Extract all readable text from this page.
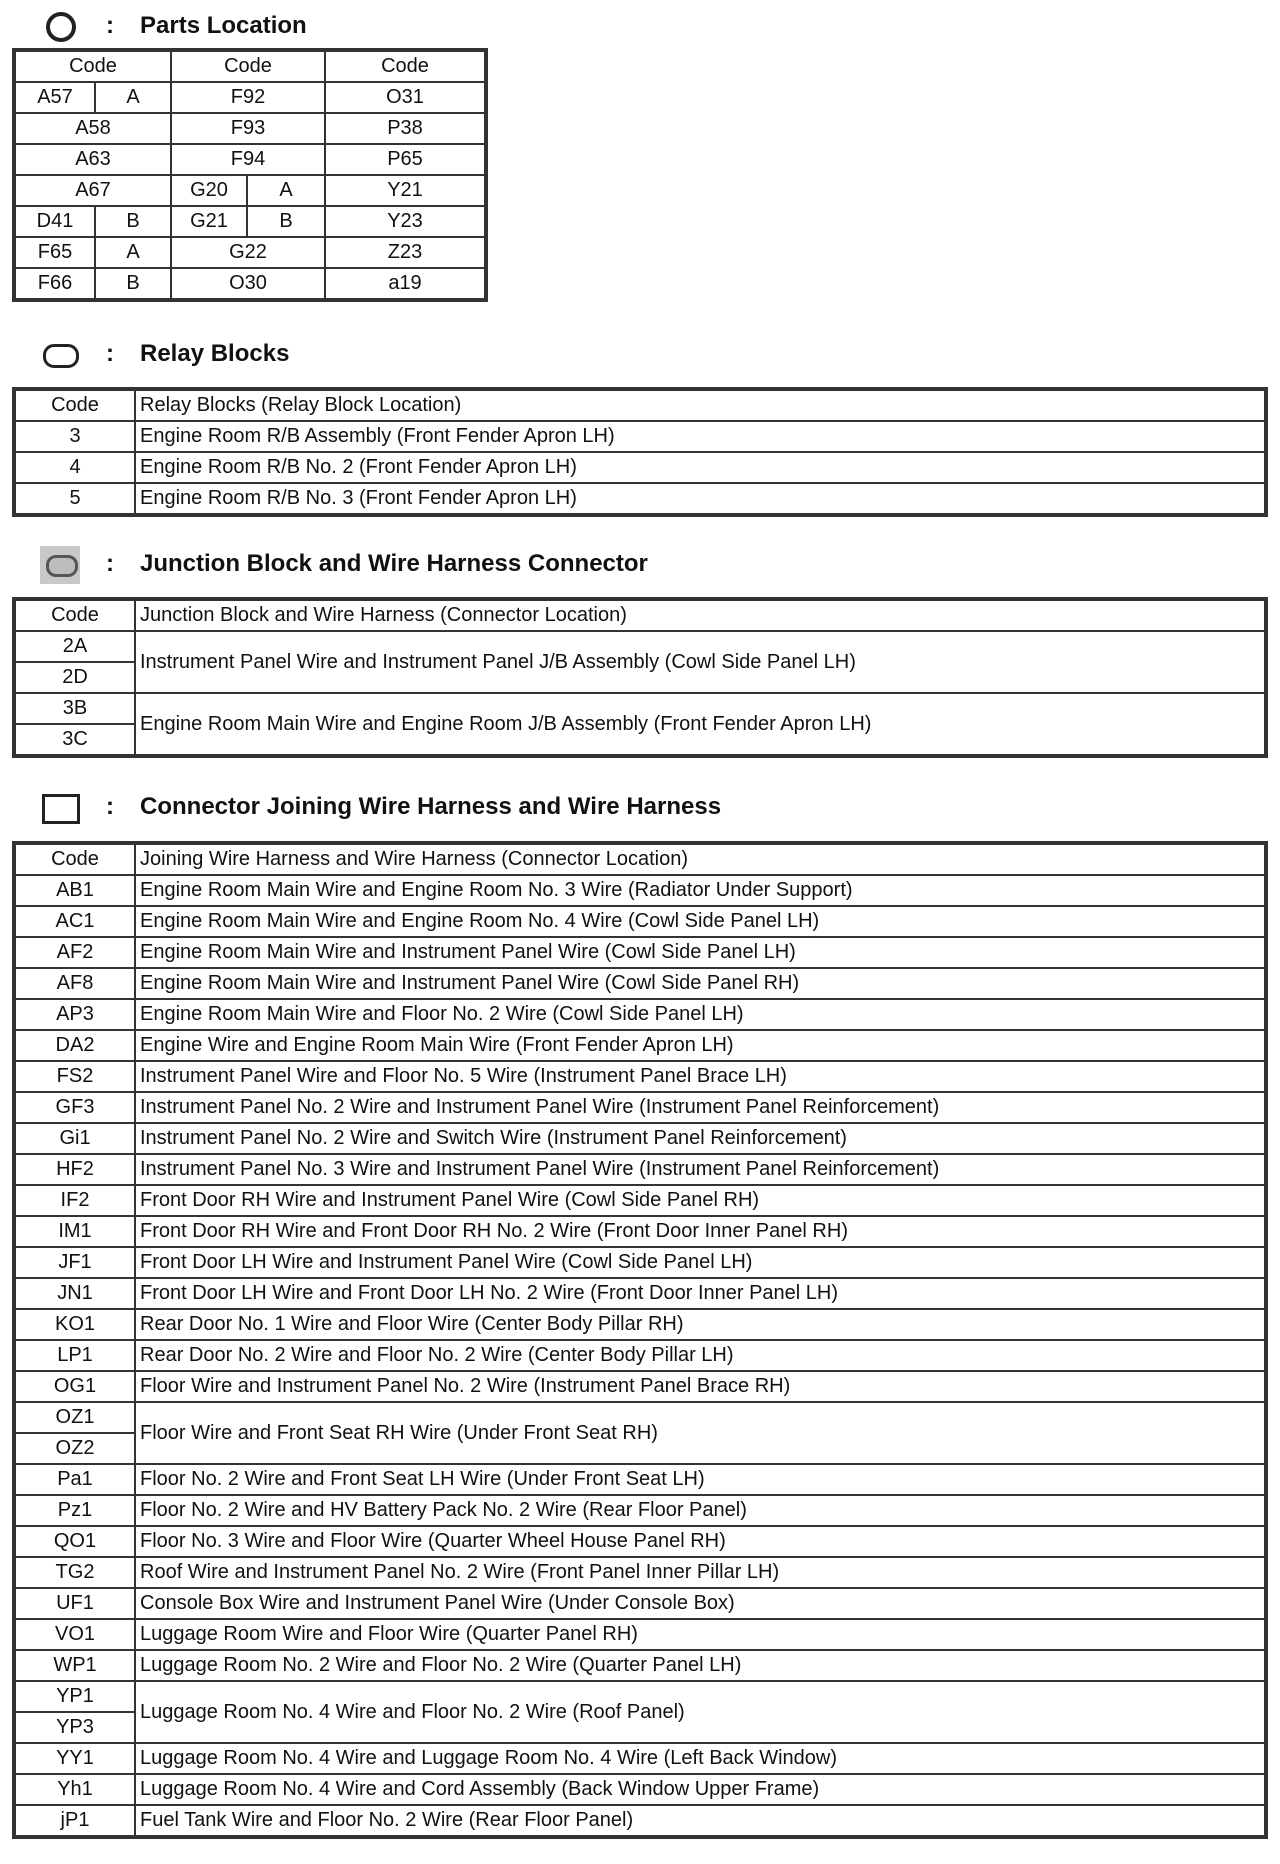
:	Parts Location
Code		Code		Code
A57	A	F92		O31
A58		F93		P38
A63		F94		P65
A67		G20	A	Y21
D41	B	G21	B	Y23
F65	A	G22		Z23
F66	B	O30		a19
:	Relay Blocks
Code	Relay Blocks (Relay Block Location)
3	Engine Room R/B Assembly (Front Fender Apron LH)
4	Engine Room R/B No. 2 (Front Fender Apron LH)
5	Engine Room R/B No. 3 (Front Fender Apron LH)
:	Junction Block and Wire Harness Connector
Code	Junction Block and Wire Harness (Connector Location)
2A	Instrument Panel Wire and Instrument Panel J/B Assembly (Cowl Side Panel LH)
2D	
3B	Engine Room Main Wire and Engine Room J/B Assembly (Front Fender Apron LH)
3C	
:	Connector Joining Wire Harness and Wire Harness
Code	Joining Wire Harness and Wire Harness (Connector Location)
AB1	Engine Room Main Wire and Engine Room No. 3 Wire (Radiator Under Support)
AC1	Engine Room Main Wire and Engine Room No. 4 Wire (Cowl Side Panel LH)
AF2	Engine Room Main Wire and Instrument Panel Wire (Cowl Side Panel LH)
AF8	Engine Room Main Wire and Instrument Panel Wire (Cowl Side Panel RH)
AP3	Engine Room Main Wire and Floor No. 2 Wire (Cowl Side Panel LH)
DA2	Engine Wire and Engine Room Main Wire (Front Fender Apron LH)
FS2	Instrument Panel Wire and Floor No. 5 Wire (Instrument Panel Brace LH)
GF3	Instrument Panel No. 2 Wire and Instrument Panel Wire (Instrument Panel Reinforcement)
Gi1	Instrument Panel No. 2 Wire and Switch Wire (Instrument Panel Reinforcement)
HF2	Instrument Panel No. 3 Wire and Instrument Panel Wire (Instrument Panel Reinforcement)
IF2	Front Door RH Wire and Instrument Panel Wire (Cowl Side Panel RH)
IM1	Front Door RH Wire and Front Door RH No. 2 Wire (Front Door Inner Panel RH)
JF1	Front Door LH Wire and Instrument Panel Wire (Cowl Side Panel LH)
JN1	Front Door LH Wire and Front Door LH No. 2 Wire (Front Door Inner Panel LH)
KO1	Rear Door No. 1 Wire and Floor Wire (Center Body Pillar RH)
LP1	Rear Door No. 2 Wire and Floor No. 2 Wire (Center Body Pillar LH)
OG1	Floor Wire and Instrument Panel No. 2 Wire (Instrument Panel Brace RH)
OZ1	Floor Wire and Front Seat RH Wire (Under Front Seat RH)
OZ2	
Pa1	Floor No. 2 Wire and Front Seat LH Wire (Under Front Seat LH)
Pz1	Floor No. 2 Wire and HV Battery Pack No. 2 Wire (Rear Floor Panel)
QO1	Floor No. 3 Wire and Floor Wire (Quarter Wheel House Panel RH)
TG2	Roof Wire and Instrument Panel No. 2 Wire (Front Panel Inner Pillar LH)
UF1	Console Box Wire and Instrument Panel Wire (Under Console Box)
VO1	Luggage Room Wire and Floor Wire (Quarter Panel RH)
WP1	Luggage Room No. 2 Wire and Floor No. 2 Wire (Quarter Panel LH)
YP1	Luggage Room No. 4 Wire and Floor No. 2 Wire (Roof Panel)
YP3	
YY1	Luggage Room No. 4 Wire and Luggage Room No. 4 Wire (Left Back Window)
Yh1	Luggage Room No. 4 Wire and Cord Assembly (Back Window Upper Frame)
jP1	Fuel Tank Wire and Floor No. 2 Wire (Rear Floor Panel)
